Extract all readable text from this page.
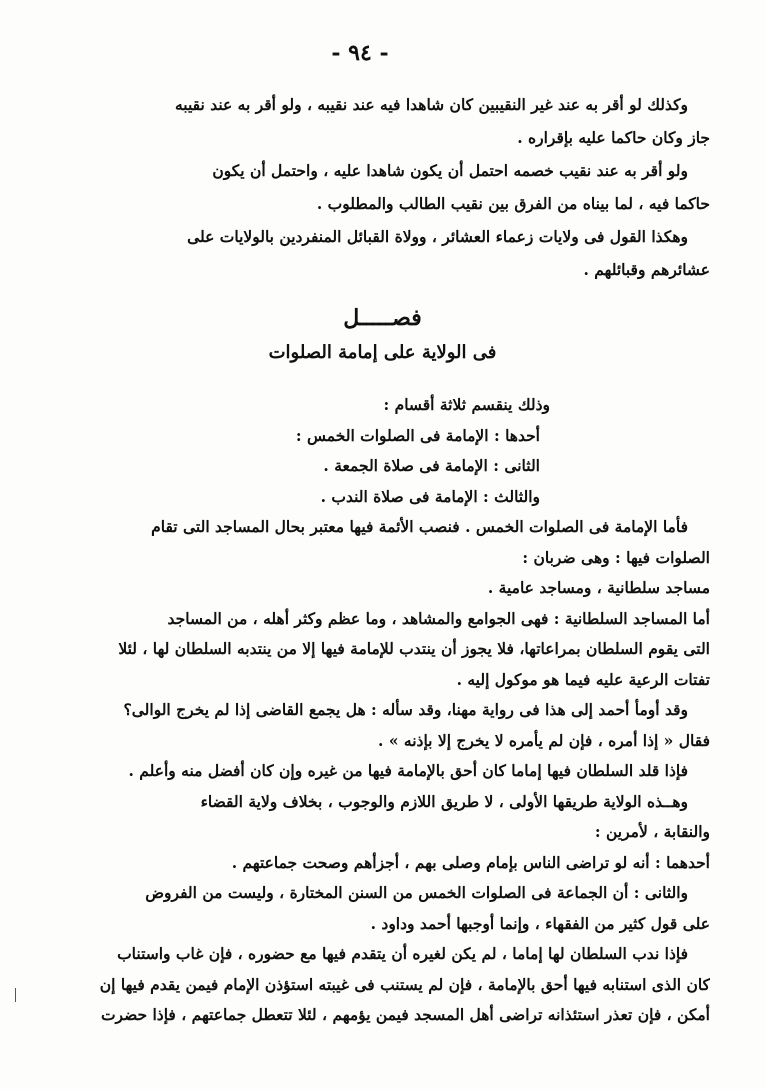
- ٩٤ -
وكذلك لو أقر به عند غير النقيبين كان شاهدا فيه عند نقيبه ، ولو أقر به عند نقيبه
جاز وكان حاكما عليه بإقراره .
ولو أقر به عند نقيب خصمه احتمل أن يكون شاهدا عليه ، واحتمل أن يكون
حاكما فيه ، لما بيناه من الفرق بين نقيب الطالب والمطلوب .
وهكذا القول فى ولايات زعماء العشائر ، وولاة القبائل المنفردين بالولايات على
عشائرهم وقبائلهم .
فصـــــل
فى الولاية على إمامة الصلوات
وذلك ينقسم ثلاثة أقسام :
أحدها : الإمامة فى الصلوات الخمس :
الثانى : الإمامة فى صلاة الجمعة .
والثالث : الإمامة فى صلاة الندب .
فأما الإمامة فى الصلوات الخمس . فنصب الأئمة فيها معتبر بحال المساجد التى تقام
الصلوات فيها : وهى ضربان :
مساجد سلطانية ، ومساجد عامية .
أما المساجد السلطانية : فهى الجوامع والمشاهد ، وما عظم وكثر أهله ، من المساجد
التى يقوم السلطان بمراعاتها، فلا يجوز أن ينتدب للإمامة فيها إلا من ينتدبه السلطان لها ، لئلا
تفتات الرعية عليه فيما هو موكول إليه .
وقد أومأ أحمد إلى هذا فى رواية مهنا، وقد سأله : هل يجمع القاضى إذا لم يخرج الوالى؟
فقال « إذا أمره ، فإن لم يأمره لا يخرج إلا بإذنه » .
فإذا قلد السلطان فيها إماما كان أحق بالإمامة فيها من غيره وإن كان أفضل منه وأعلم .
وهــذه الولاية طريقها الأولى ، لا طريق اللازم والوجوب ، بخلاف ولاية القضاء
والنقابة ، لأمرين :
أحدهما : أنه لو تراضى الناس بإمام وصلى بهم ، أجزأهم وصحت جماعتهم .
والثانى : أن الجماعة فى الصلوات الخمس من السنن المختارة ، وليست من الفروض
على قول كثير من الفقهاء ، وإنما أوجبها أحمد وداود .
فإذا ندب السلطان لها إماما ، لم يكن لغيره أن يتقدم فيها مع حضوره ، فإن غاب واستناب
كان الذى استنابه فيها أحق بالإمامة ، فإن لم يستنب فى غيبته استؤذن الإمام فيمن يقدم فيها إن
أمكن ، فإن تعذر استئذانه تراضى أهل المسجد فيمن يؤمهم ، لئلا تتعطل جماعتهم ، فإذا حضرت
